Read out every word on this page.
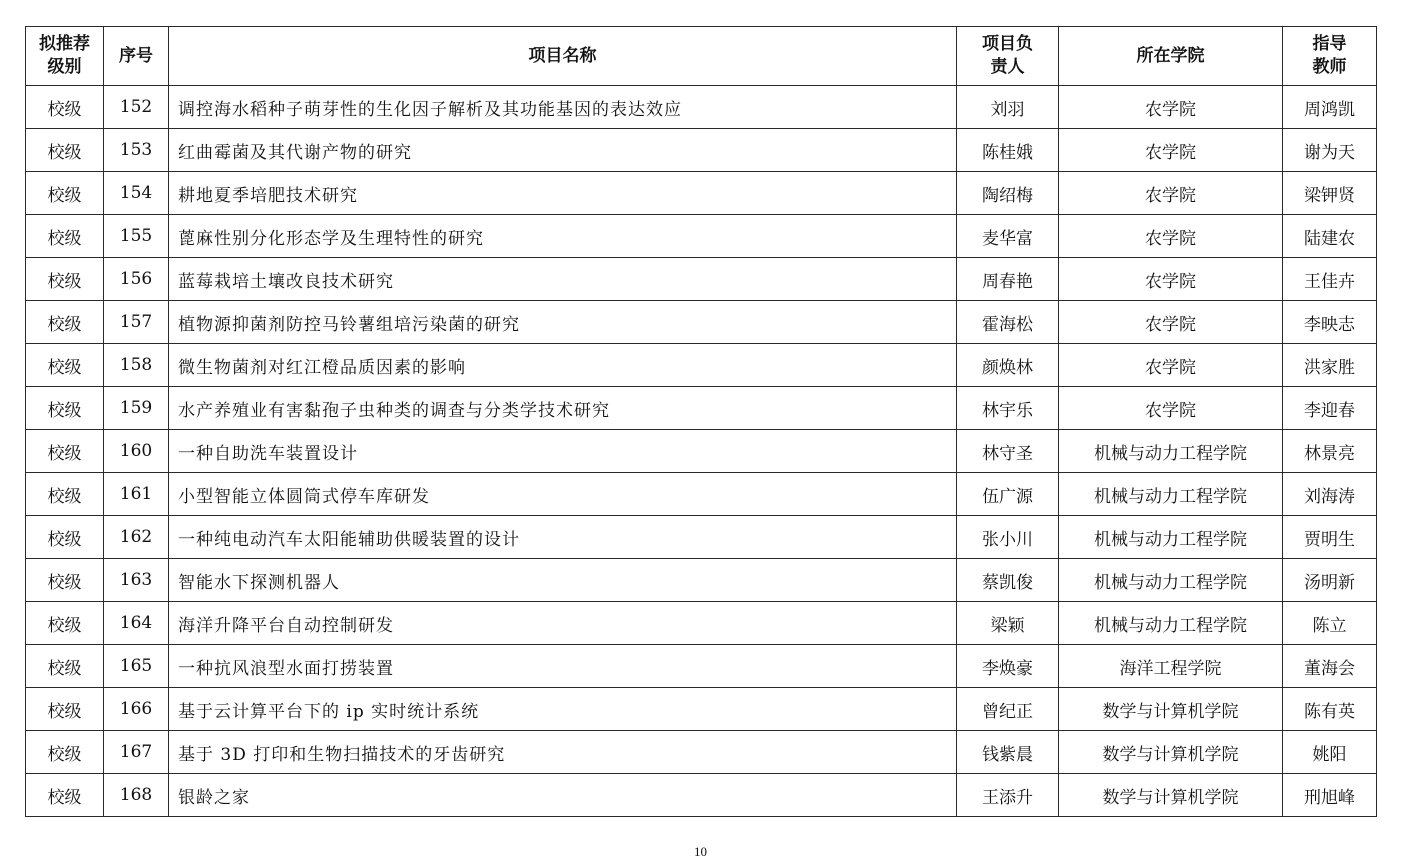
拟推荐级别	序号	项目名称	项目负责人	所在学院	指导教师
校级	152	调控海水稻种子萌芽性的生化因子解析及其功能基因的表达效应	刘羽	农学院	周鸿凯
校级	153	红曲霉菌及其代谢产物的研究	陈桂娥	农学院	谢为天
校级	154	耕地夏季培肥技术研究	陶绍梅	农学院	梁钾贤
校级	155	蓖麻性别分化形态学及生理特性的研究	麦华富	农学院	陆建农
校级	156	蓝莓栽培土壤改良技术研究	周春艳	农学院	王佳卉
校级	157	植物源抑菌剂防控马铃薯组培污染菌的研究	霍海松	农学院	李映志
校级	158	微生物菌剂对红江橙品质因素的影响	颜焕林	农学院	洪家胜
校级	159	水产养殖业有害黏孢子虫种类的调查与分类学技术研究	林宇乐	农学院	李迎春
校级	160	一种自助洗车装置设计	林守圣	机械与动力工程学院	林景亮
校级	161	小型智能立体圆筒式停车库研发	伍广源	机械与动力工程学院	刘海涛
校级	162	一种纯电动汽车太阳能辅助供暖装置的设计	张小川	机械与动力工程学院	贾明生
校级	163	智能水下探测机器人	蔡凯俊	机械与动力工程学院	汤明新
校级	164	海洋升降平台自动控制研发	梁颖	机械与动力工程学院	陈立
校级	165	一种抗风浪型水面打捞装置	李焕豪	海洋工程学院	董海会
校级	166	基于云计算平台下的 ip 实时统计系统	曾纪正	数学与计算机学院	陈有英
校级	167	基于 3D 打印和生物扫描技术的牙齿研究	钱紫晨	数学与计算机学院	姚阳
校级	168	银龄之家	王添升	数学与计算机学院	刑旭峰
10
